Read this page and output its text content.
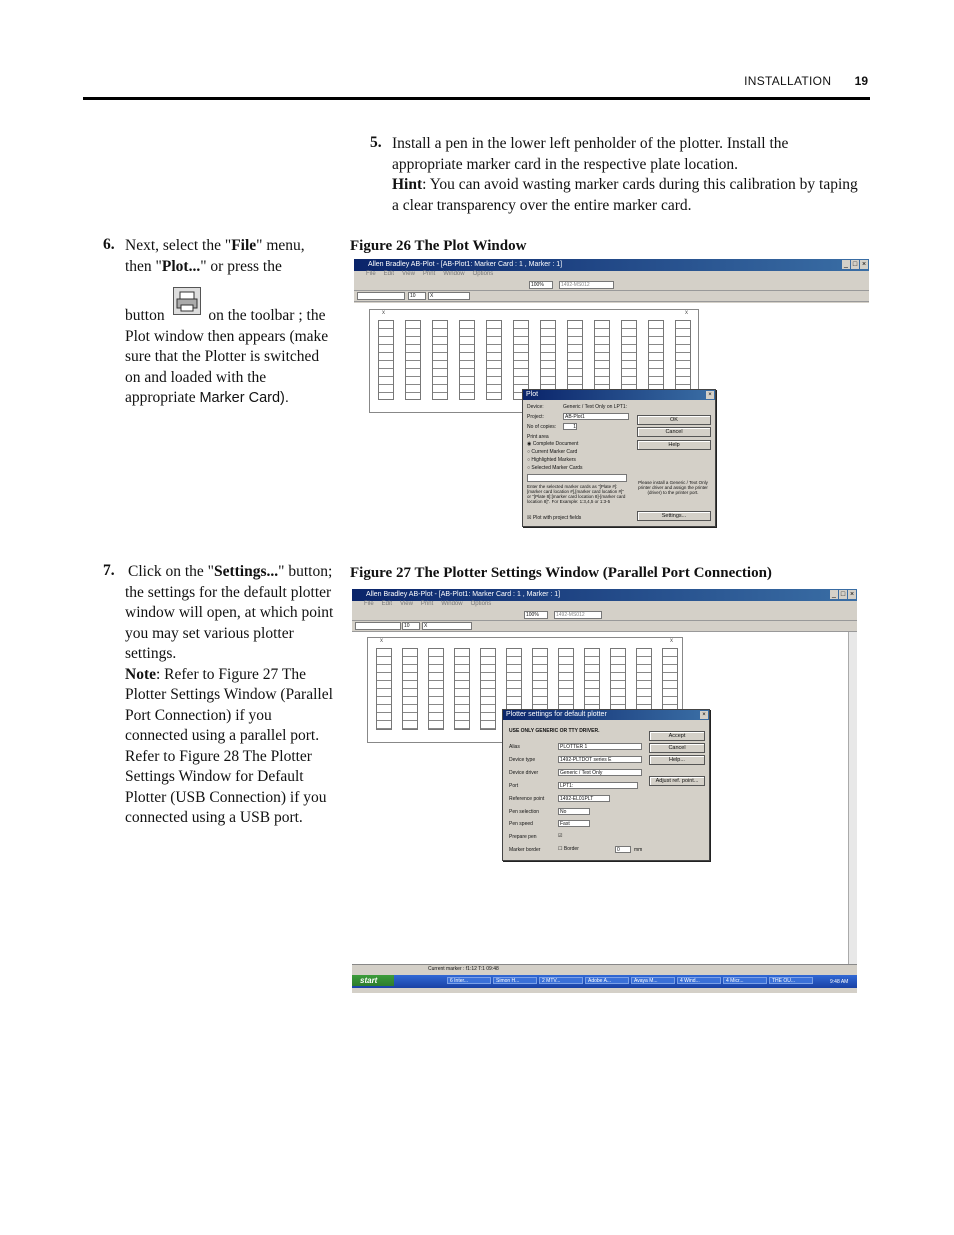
INSTALLATION 19
5. Install a pen in the lower left penholder of the plotter. Install the appropriate marker card in the respective plate location.
Hint: You can avoid wasting marker cards during this calibration by taping a clear transparency over the entire marker card.
6. Next, select the "File" menu, then "Plot..." or press the

button	on the toolbar ; the Plot window then appears (make sure that the Plotter is switched on and loaded with the appropriate Marker Card).
Figure 26 The Plot Window
Allen Bradley AB-Plot - [AB-Plot1: Marker Card : 1 , Marker : 1]	_ □ ×
File Edit View Print Window Options
100%	1492-MS012
10	X
x	x
Plot	×
Device:	Generic / Text Only on LPT1:
Project:	AB-Plot1
No of copies:	1
Print area
◉ Complete Document
○ Current Marker Card
○ Highlighted Markers
○ Selected Marker Cards
Enter the selected marker cards as "[Plate #]:[marker card location #],[marker card location #]" or "[Plate 8]:[marker card location 8]-[marker card location 8]". For Example: 1:3,4,5 or 1:3-5
☒ Plot with project fields
OK
Cancel
Help
Please install a Generic / Text Only printer driver and assign the printer (driver) to the printer port.
Settings...
7. Click on the "Settings..." button; the settings for the default plotter window will open, at which point you may set various plotter settings.
Note: Refer to Figure 27 The Plotter Settings Window (Parallel Port Connection) if you connected using a parallel port.
Refer to Figure 28 The Plotter Settings Window for Default Plotter (USB Connection) if you connected using a USB port.
Figure 27 The Plotter Settings Window (Parallel Port Connection)
Allen Bradley AB-Plot - [AB-Plot1: Marker Card : 1 , Marker : 1]	_ □ ×
File Edit View Print Window Options
100%	1492-MS012
10	X
x	x
Plotter settings for default plotter	×
USE ONLY GENERIC OR TTY DRIVER.
Alias	PLOTTER 1
Device type	1492-PLTDOT series E
Device driver	Generic / Text Only
Port	LPT1:
Reference point	1492-EL01PLT
Pen selection	No
Pen speed	Fast
Prepare pen	☑
Marker border	☐ Border	0	mm
Accept
Cancel
Help...
Adjust ref. point...
Current marker : f1:12 T:1 09:48
start	6 Inter...	Simon H...	2 MTV...	Adobe A...	Avaya M...	4 Wind...	4 Micr...	THE OU...	9:48 AM
